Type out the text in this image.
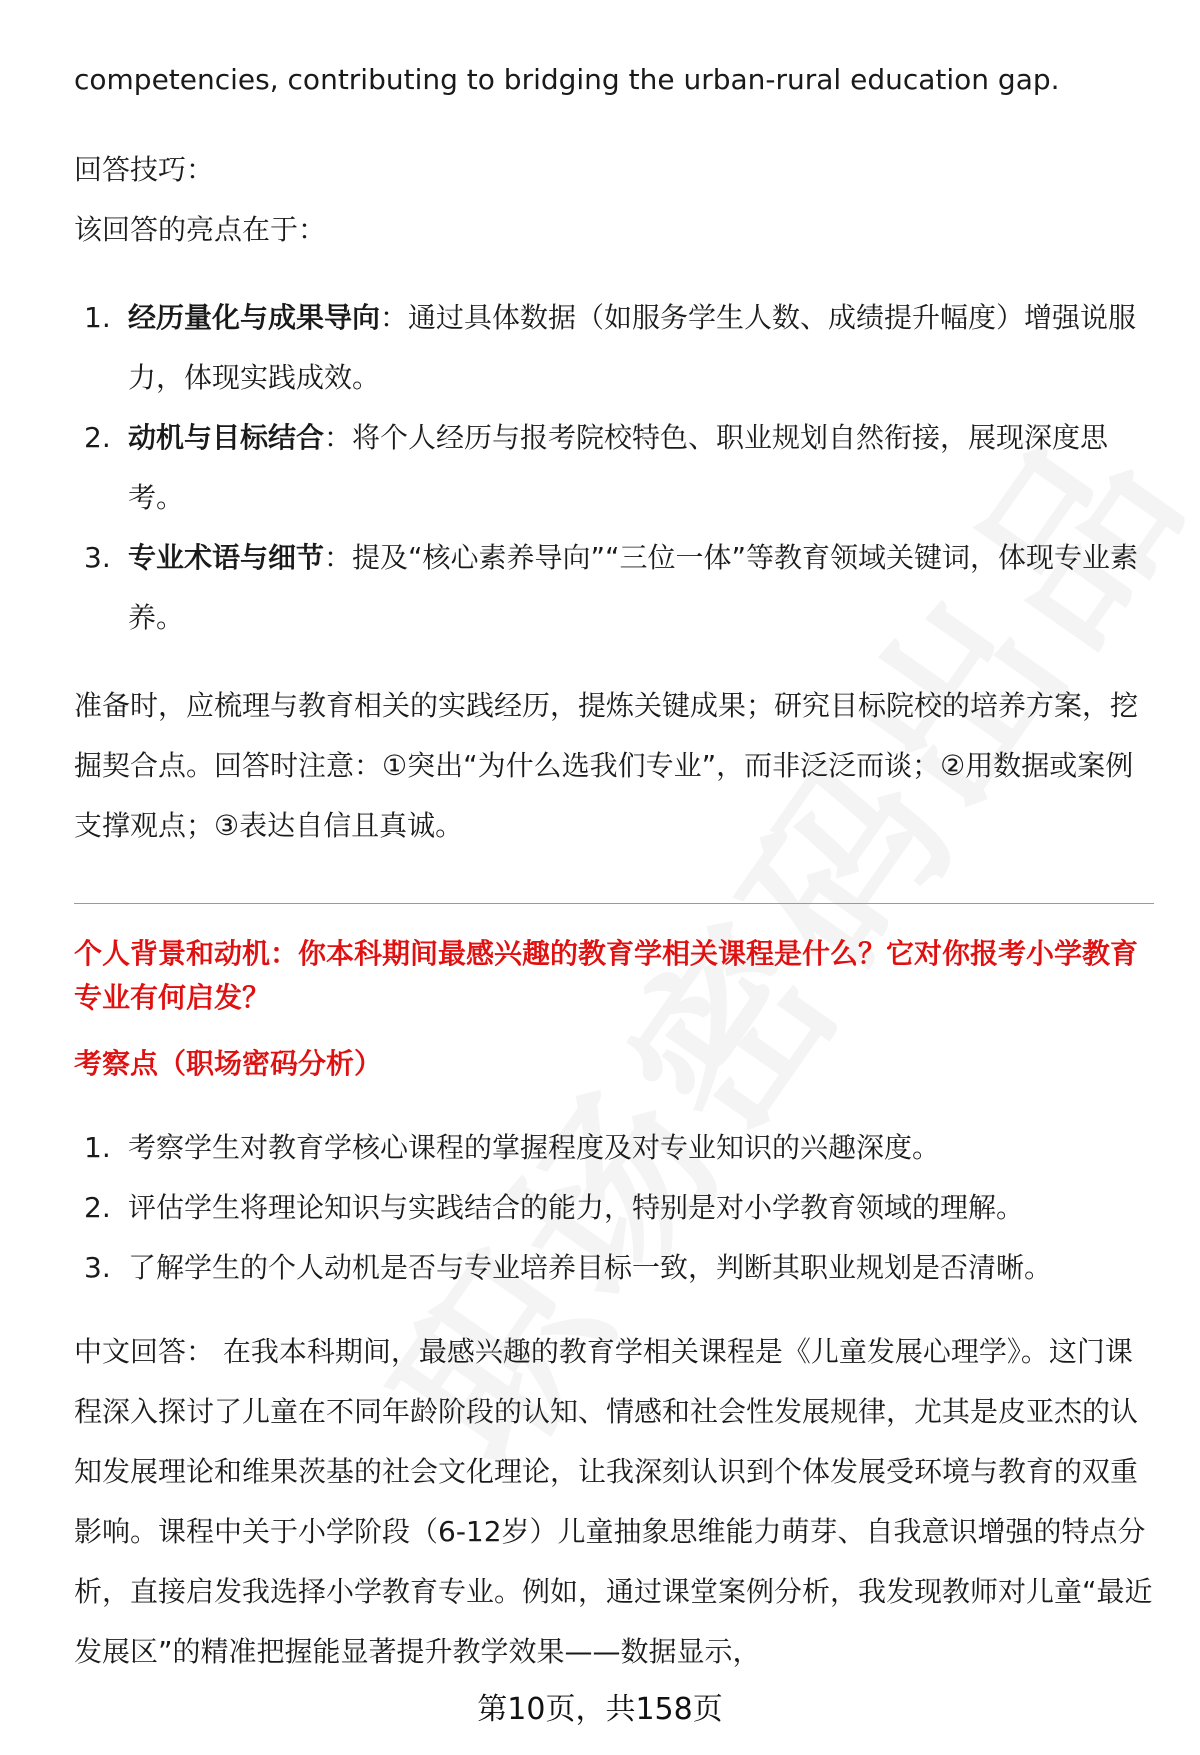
competencies, contributing to bridging the urban-rural education gap.
回答技巧：
该回答的亮点在于：
1. 经历量化与成果导向：通过具体数据（如服务学生人数、成绩提升幅度）增强说服力，体现实践成效。
2. 动机与目标结合：将个人经历与报考院校特色、职业规划自然衔接，展现深度思考。
3. 专业术语与细节：提及“核心素养导向”“三位一体”等教育领域关键词，体现专业素养。

准备时，应梳理与教育相关的实践经历，提炼关键成果；研究目标院校的培养方案，挖掘契合点。回答时注意：①突出“为什么选我们专业”，而非泛泛而谈；②用数据或案例支撑观点；③表达自信且真诚。

个人背景和动机：你本科期间最感兴趣的教育学相关课程是什么？它对你报考小学教育专业有何启发？

考察点（职场密码分析）
1. 考察学生对教育学核心课程的掌握程度及对专业知识的兴趣深度。
2. 评估学生将理论知识与实践结合的能力，特别是对小学教育领域的理解。
3. 了解学生的个人动机是否与专业培养目标一致，判断其职业规划是否清晰。

中文回答： 在我本科期间，最感兴趣的教育学相关课程是《儿童发展心理学》。这门课程深入探讨了儿童在不同年龄阶段的认知、情感和社会性发展规律，尤其是皮亚杰的认知发展理论和维果茨基的社会文化理论，让我深刻认识到个体发展受环境与教育的双重影响。课程中关于小学阶段（6-12岁）儿童抽象思维能力萌芽、自我意识增强的特点分析，直接启发我选择小学教育专业。例如，通过课堂案例分析，我发现教师对儿童“最近发展区”的精准把握能显著提升教学效果——数据显示，

第10页，共158页
